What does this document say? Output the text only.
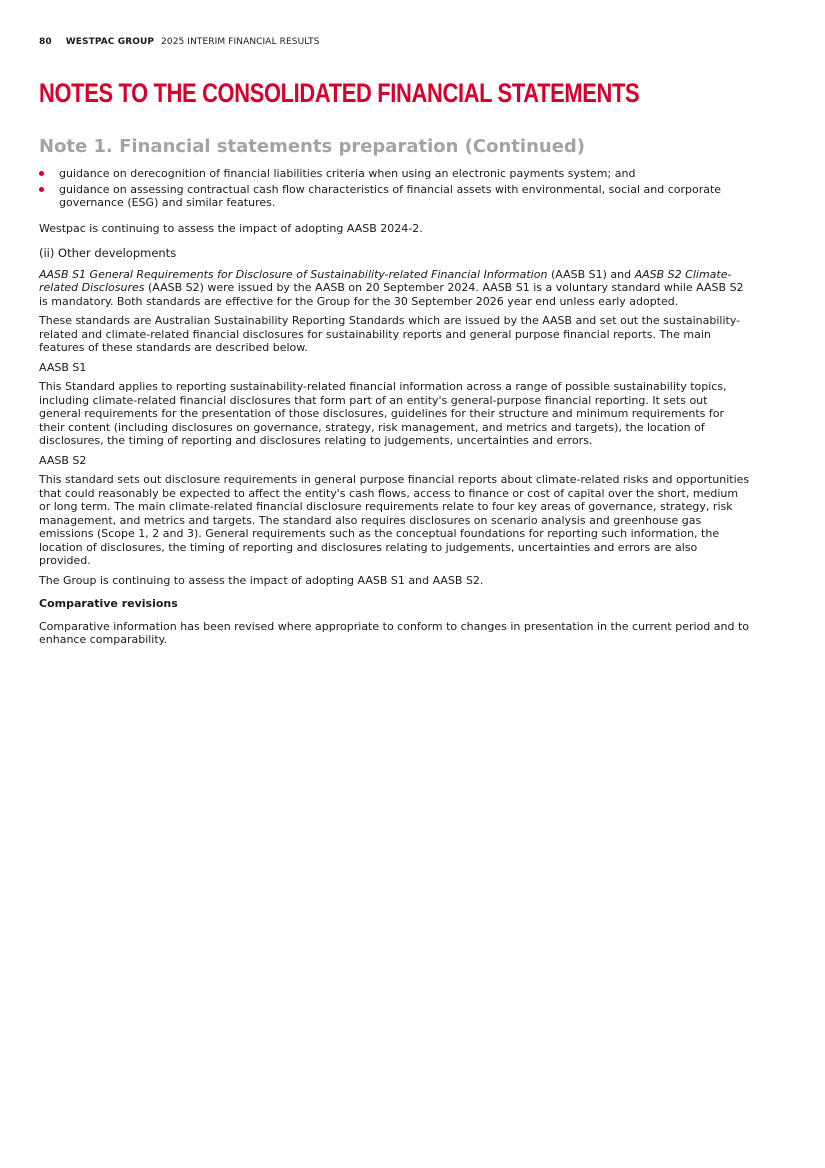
80 WESTPAC GROUP 2025 INTERIM FINANCIAL RESULTS
NOTES TO THE CONSOLIDATED FINANCIAL STATEMENTS
Note 1. Financial statements preparation (Continued)
guidance on derecognition of financial liabilities criteria when using an electronic payments system; and
guidance on assessing contractual cash flow characteristics of financial assets with environmental, social and corporate governance (ESG) and similar features.

Westpac is continuing to assess the impact of adopting AASB 2024-2.

(ii) Other developments

AASB S1 General Requirements for Disclosure of Sustainability-related Financial Information (AASB S1) and AASB S2 Climate-related Disclosures (AASB S2) were issued by the AASB on 20 September 2024. AASB S1 is a voluntary standard while AASB S2 is mandatory. Both standards are effective for the Group for the 30 September 2026 year end unless early adopted.

These standards are Australian Sustainability Reporting Standards which are issued by the AASB and set out the sustainability-related and climate-related financial disclosures for sustainability reports and general purpose financial reports. The main features of these standards are described below.

AASB S1

This Standard applies to reporting sustainability-related financial information across a range of possible sustainability topics, including climate-related financial disclosures that form part of an entity's general-purpose financial reporting. It sets out general requirements for the presentation of those disclosures, guidelines for their structure and minimum requirements for their content (including disclosures on governance, strategy, risk management, and metrics and targets), the location of disclosures, the timing of reporting and disclosures relating to judgements, uncertainties and errors.

AASB S2

This standard sets out disclosure requirements in general purpose financial reports about climate-related risks and opportunities that could reasonably be expected to affect the entity's cash flows, access to finance or cost of capital over the short, medium or long term. The main climate-related financial disclosure requirements relate to four key areas of governance, strategy, risk management, and metrics and targets. The standard also requires disclosures on scenario analysis and greenhouse gas emissions (Scope 1, 2 and 3). General requirements such as the conceptual foundations for reporting such information, the location of disclosures, the timing of reporting and disclosures relating to judgements, uncertainties and errors are also provided.

The Group is continuing to assess the impact of adopting AASB S1 and AASB S2.

Comparative revisions

Comparative information has been revised where appropriate to conform to changes in presentation in the current period and to enhance comparability.
